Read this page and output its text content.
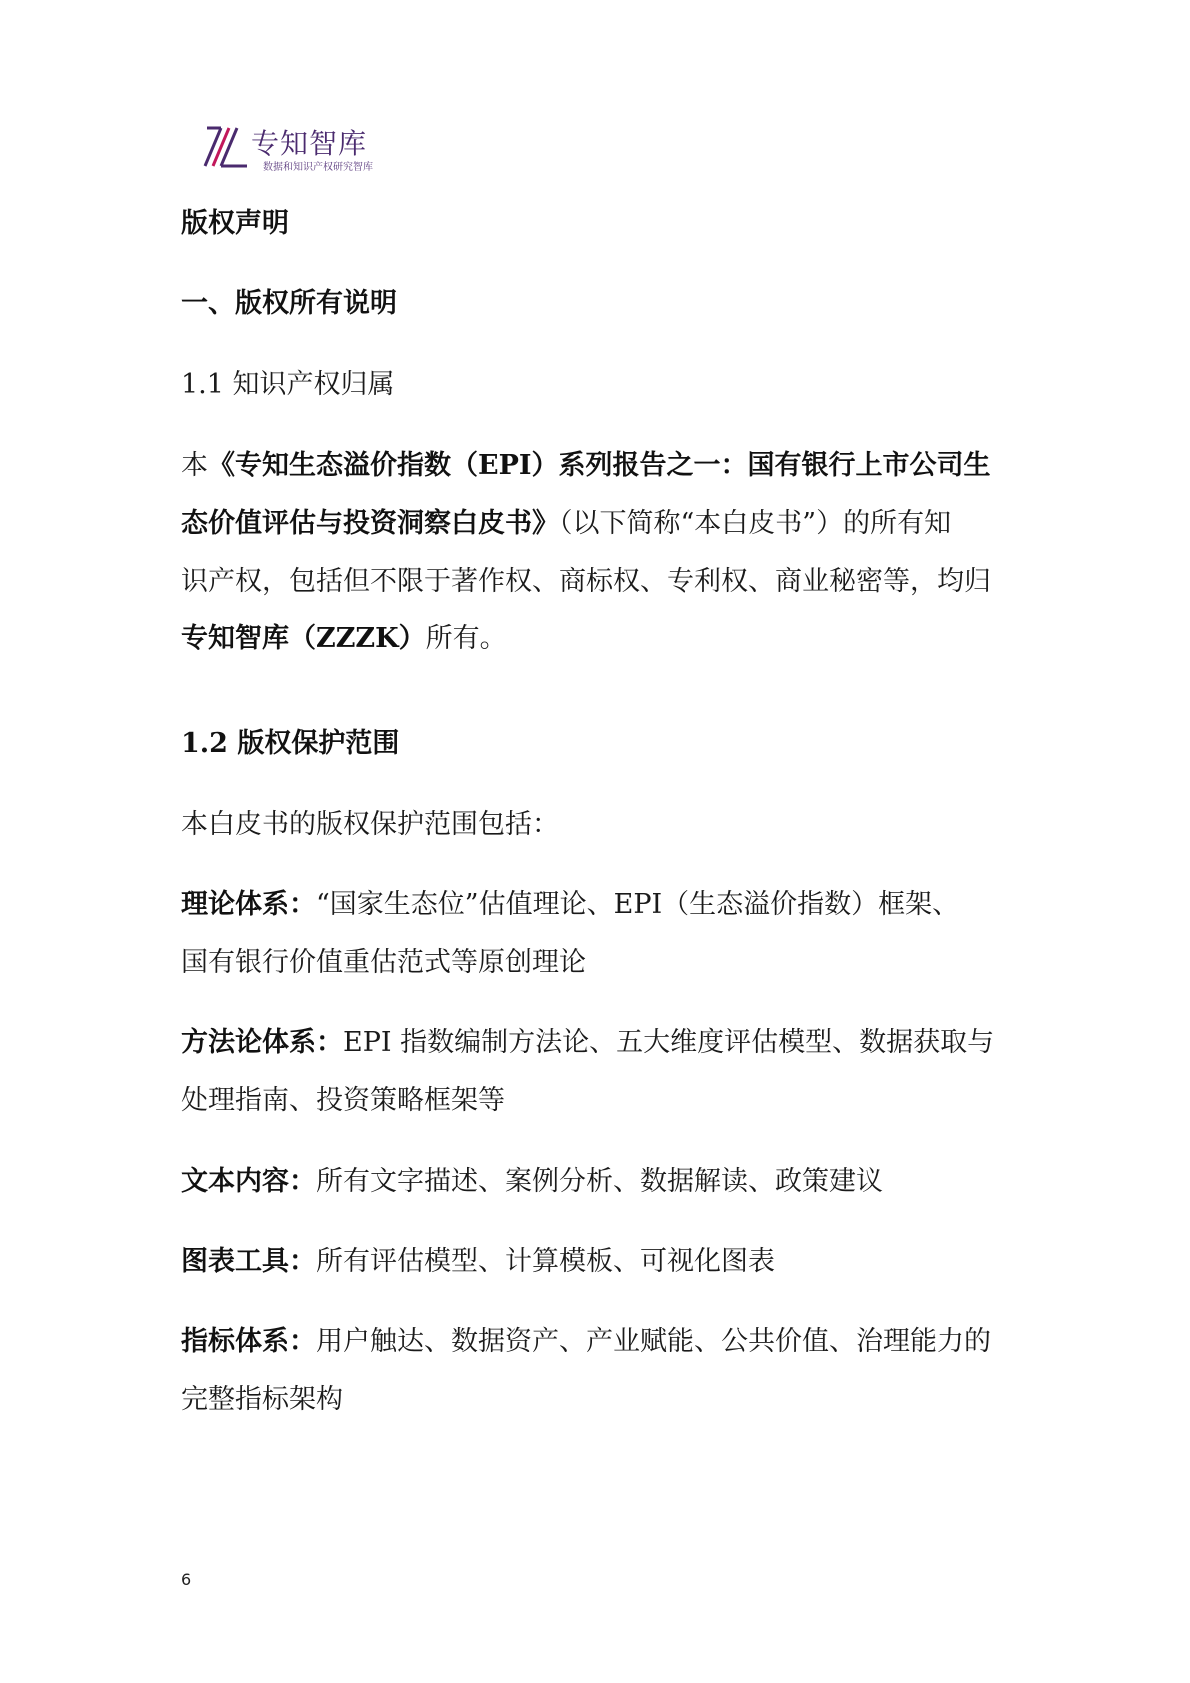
专知智库
数据和知识产权研究智库
版权声明
一、版权所有说明
1.1 知识产权归属
本《专知生态溢价指数（EPI）系列报告之一：国有银行上市公司生
态价值评估与投资洞察白皮书》（以下简称“本白皮书”）的所有知
识产权，包括但不限于著作权、商标权、专利权、商业秘密等，均归
专知智库（ZZZK）所有。
1.2 版权保护范围
本白皮书的版权保护范围包括：
理论体系：“国家生态位”估值理论、EPI（生态溢价指数）框架、
国有银行价值重估范式等原创理论
方法论体系：EPI 指数编制方法论、五大维度评估模型、数据获取与
处理指南、投资策略框架等
文本内容：所有文字描述、案例分析、数据解读、政策建议
图表工具：所有评估模型、计算模板、可视化图表
指标体系：用户触达、数据资产、产业赋能、公共价值、治理能力的
完整指标架构
6
